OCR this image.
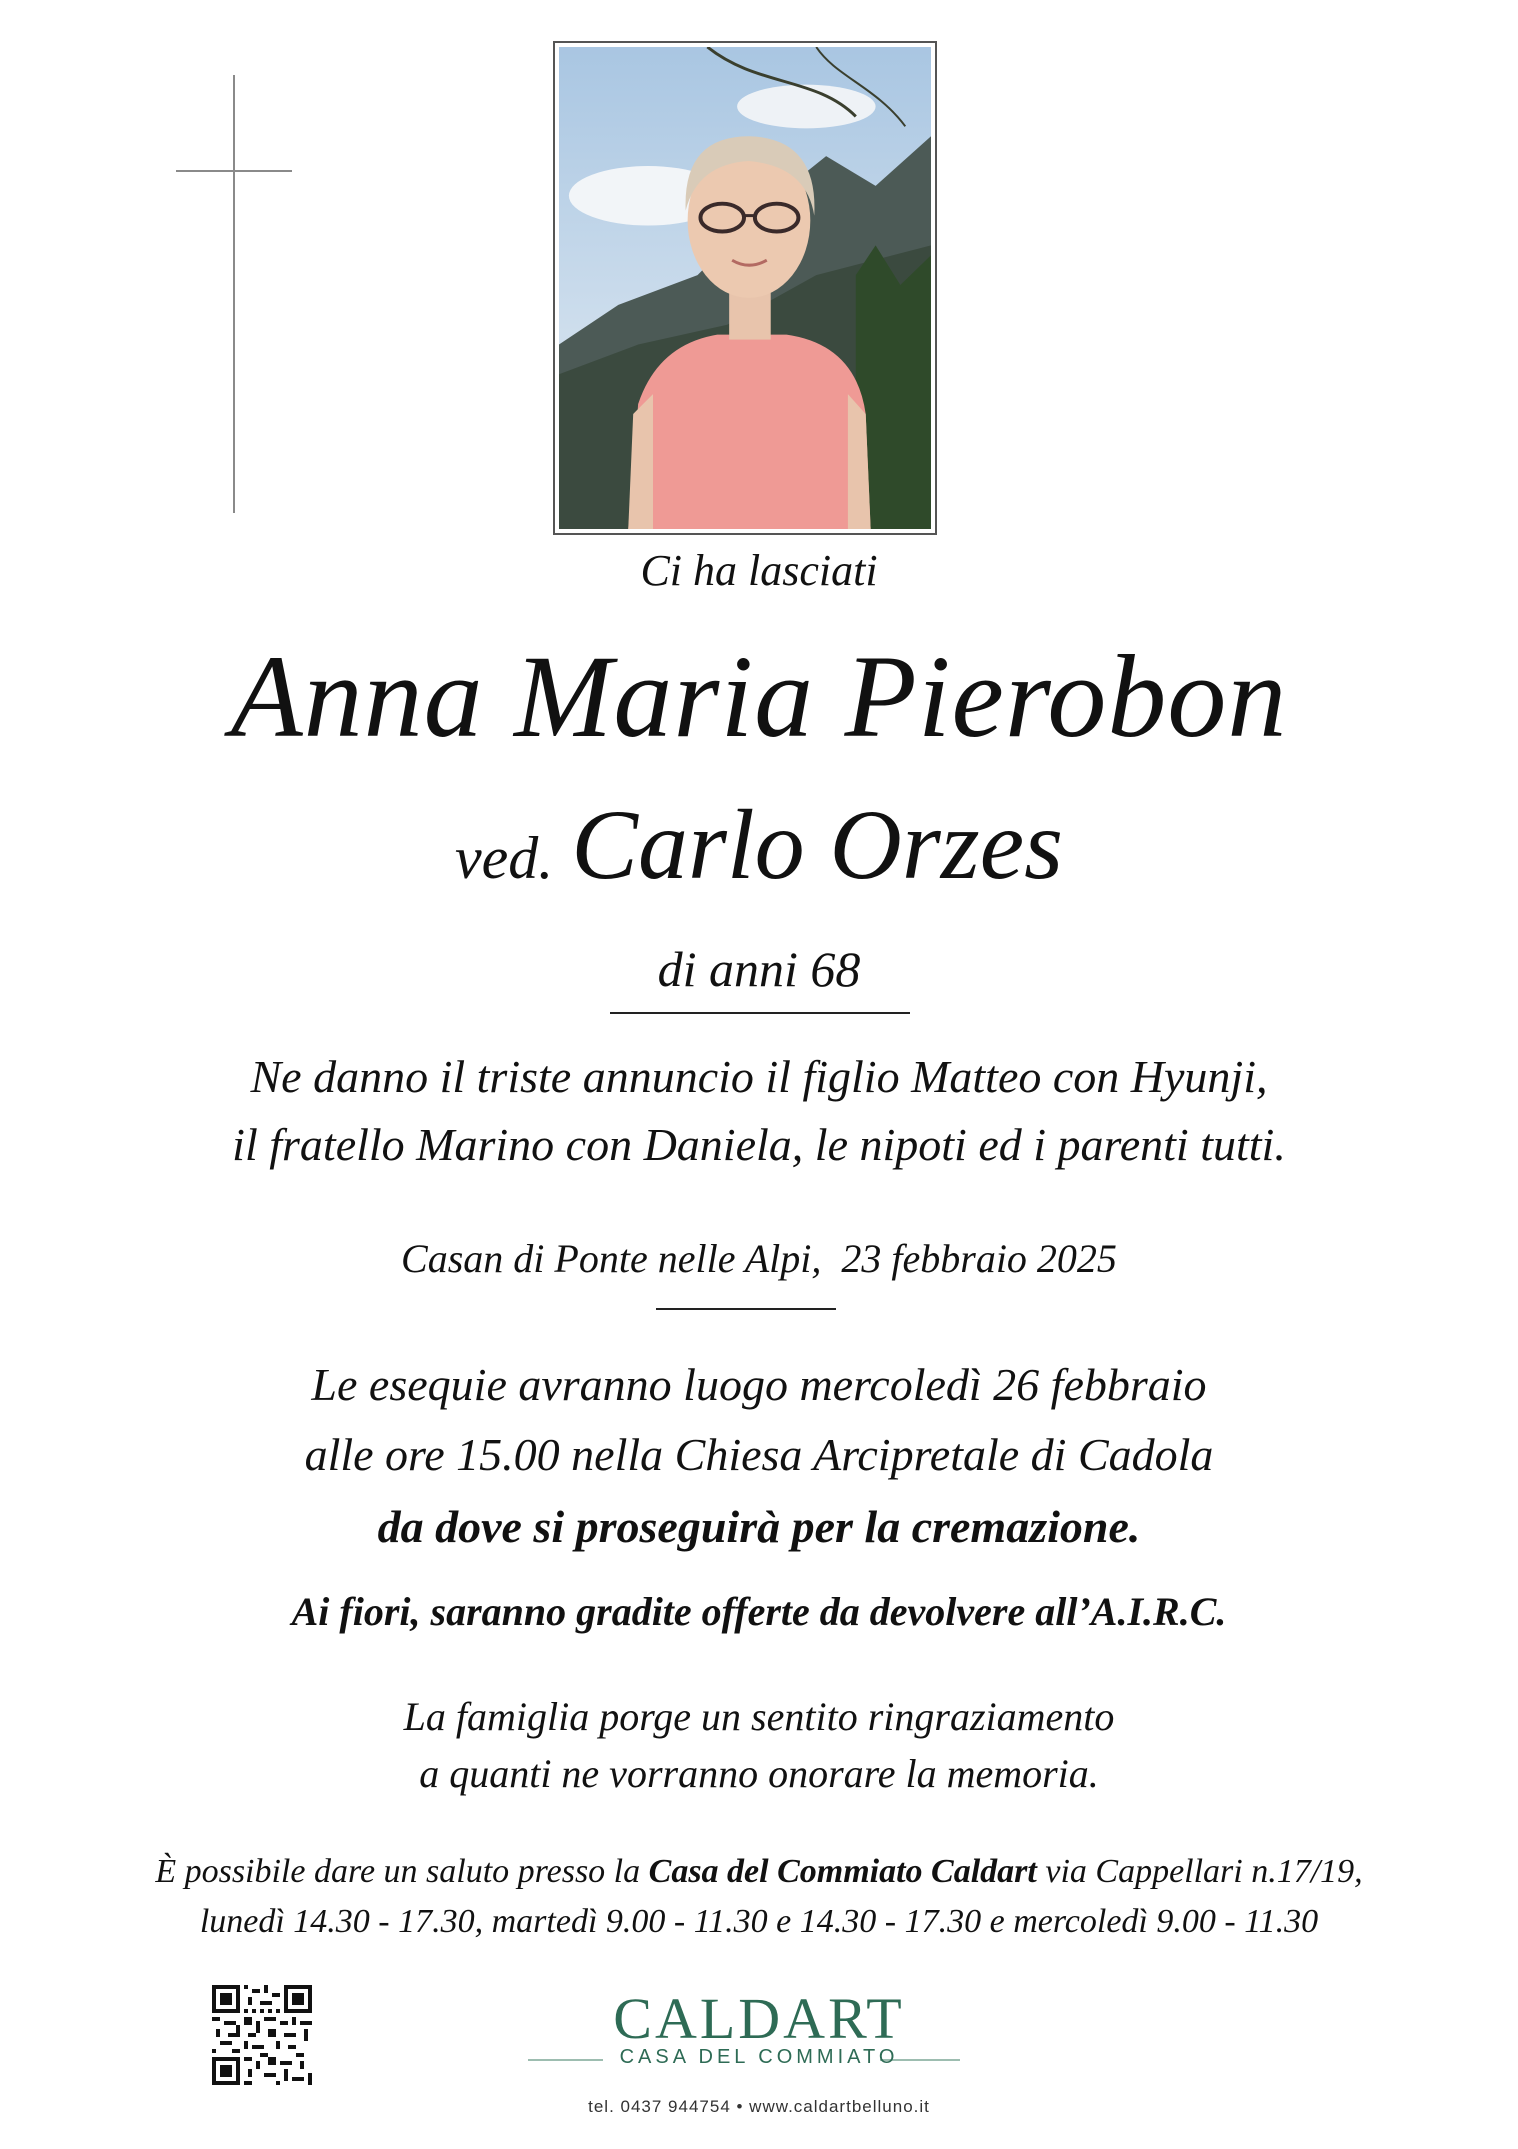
Ci ha lasciati
Anna Maria Pierobon
ved. Carlo Orzes
di anni 68
Ne danno il triste annuncio il figlio Matteo con Hyunji,
il fratello Marino con Daniela, le nipoti ed i parenti tutti.
Casan di Ponte nelle Alpi,  23 febbraio 2025
Le esequie avranno luogo mercoledì 26 febbraio
alle ore 15.00 nella Chiesa Arcipretale di Cadola
da dove si proseguirà per la cremazione.
Ai fiori, saranno gradite offerte da devolvere all’A.I.R.C.
La famiglia porge un sentito ringraziamento
a quanti ne vorranno onorare la memoria.
È possibile dare un saluto presso la Casa del Commiato Caldart via Cappellari n.17/19,
lunedì 14.30 - 17.30, martedì 9.00 - 11.30 e 14.30 - 17.30 e mercoledì 9.00 - 11.30
CALDART
CASA DEL COMMIATO
tel. 0437 944754 • www.caldartbelluno.it
